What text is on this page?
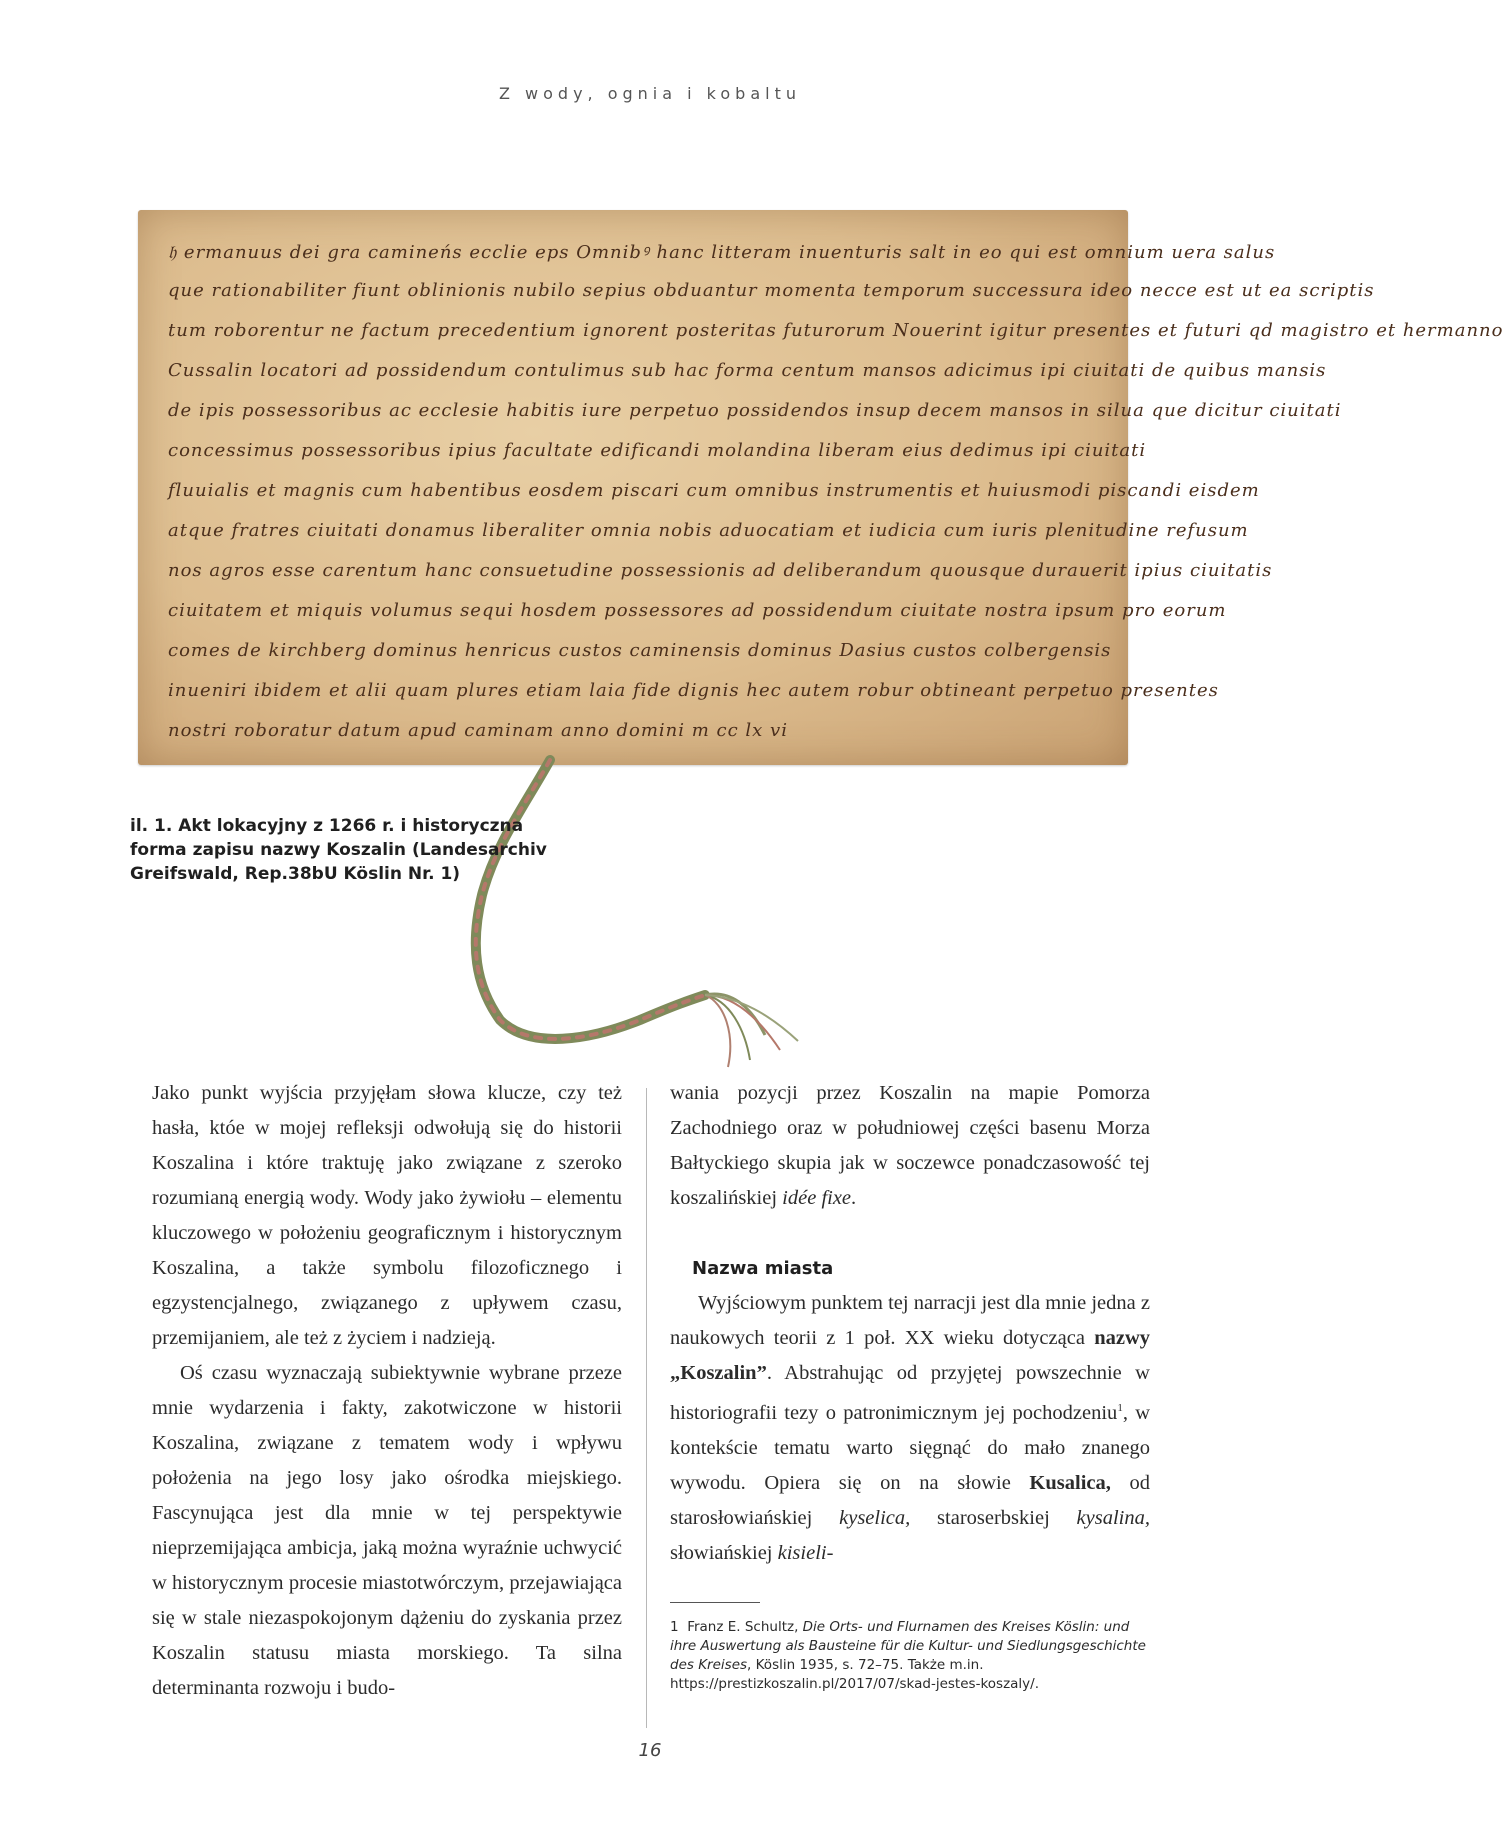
Z wody, ognia i kobaltu
𝔥 ermanuus dei gra camineńs ecclie eps Omnibꝰ hanc litteram inuenturis salt in eo qui est omnium uera salus
que rationabiliter fiunt oblinionis nubilo sepius obduantur momenta temporum successura ideo necce est ut ea scriptis
tum roborentur ne factum precedentium ignorent posteritas futurorum Nouerint igitur presentes et futuri qd magistro et hermanno
Cussalin locatori ad possidendum contulimus sub hac forma centum mansos adicimus ipi ciuitati de quibus mansis
de ipis possessoribus ac ecclesie habitis iure perpetuo possidendos insup decem mansos in silua que dicitur ciuitati
concessimus possessoribus ipius facultate edificandi molandina liberam eius dedimus ipi ciuitati
fluuialis et magnis cum habentibus eosdem piscari cum omnibus instrumentis et huiusmodi piscandi eisdem
atque fratres ciuitati donamus liberaliter omnia nobis aduocatiam et iudicia cum iuris plenitudine refusum
nos agros esse carentum hanc consuetudine possessionis ad deliberandum quousque durauerit ipius ciuitatis
ciuitatem et miquis volumus sequi hosdem possessores ad possidendum ciuitate nostra ipsum pro eorum
comes de kirchberg dominus henricus custos caminensis dominus Dasius custos colbergensis
inueniri ibidem et alii quam plures etiam laia fide dignis hec autem robur obtineant perpetuo presentes
nostri roboratur datum apud caminam anno domini m cc lx vi

il. 1. Akt lokacyjny z 1266 r. i historyczna forma zapisu nazwy Koszalin (Landesarchiv Greifswald, Rep.38bU Köslin Nr. 1)

Jako punkt wyjścia przyjęłam słowa klucze, czy też hasła, któe w mojej refleksji odwołują się do historii Koszalina i które traktuję jako związane z szeroko rozumianą energią wody. Wody jako żywiołu – elementu kluczowego w położeniu geograficznym i historycznym Koszalina, a także symbolu filozoficznego i egzystencjalnego, związanego z upływem czasu, przemijaniem, ale też z życiem i nadzieją.

Oś czasu wyznaczają subiektywnie wybrane przeze mnie wydarzenia i fakty, zakotwiczone w historii Koszalina, związane z tematem wody i wpływu położenia na jego losy jako ośrodka miejskiego. Fascynująca jest dla mnie w tej perspektywie nieprzemijająca ambicja, jaką można wyraźnie uchwycić w historycznym procesie miastotwórczym, przejawiająca się w stale niezaspokojonym dążeniu do zyskania przez Koszalin statusu miasta morskiego. Ta silna determinanta rozwoju i budo-

wania pozycji przez Koszalin na mapie Pomorza Zachodniego oraz w południowej części basenu Morza Bałtyckiego skupia jak w soczewce ponadczasowość tej koszalińskiej idée fixe.

Nazwa miasta

Wyjściowym punktem tej narracji jest dla mnie jedna z naukowych teorii z 1 poł. XX wieku dotycząca nazwy „Koszalin”. Abstrahując od przyjętej powszechnie w historiografii tezy o patronimicznym jej pochodzeniu$^1$, w kontekście tematu warto sięgnąć do mało znanego wywodu. Opiera się on na słowie Kusalica, od starosłowiańskiej kyselica, staroserbskiej kysalina, słowiańskiej kisieli-

1 Franz E. Schultz, Die Orts- und Flurnamen des Kreises Köslin: und ihre Auswertung als Bausteine für die Kultur- und Siedlungsgeschichte des Kreises, Köslin 1935, s. 72–75. Także m.in. https://prestizkoszalin.pl/2017/07/skad-jestes-koszaly/.

16
